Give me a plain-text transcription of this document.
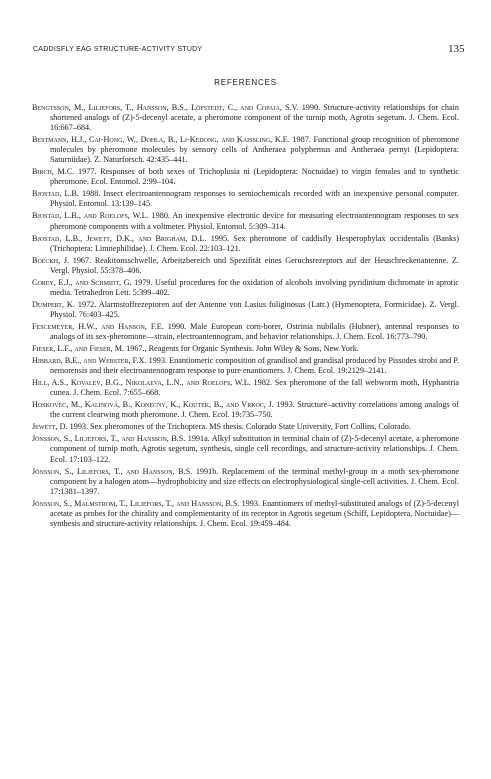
CADDISFLY EAG STRUCTURE-ACTIVITY STUDY	135
REFERENCES

Bengtsson, M., Liljefors, T., Hansson, B.S., Löfstedt, C., and Copaja, S.V. 1990. Structure-activity relationships for chain shortened analogs of (Z)-5-decenyl acetate, a pheromone component of the turnip moth, Agrotis segetum. J. Chem. Ecol. 16:667–684.

Bestmann, H.J., Cai-Hong, W., Dohla, B., Li-Kedong, and Kaissling, K.E. 1987. Functional group recognition of pheromone molecules by pheromone molecules by sensory cells of Antheraea polyphemus and Antheraea pernyi (Lepidoptera: Saturniidae). Z. Naturforsch. 42:435–441.

Birch, M.C. 1977. Responses of both sexes of Trichoplusia ni (Lepidoptera: Noctuidae) to virgin females and to synthetic pheromone. Ecol. Entomol. 2:99–104.

Bjostad, L.B. 1988. Insect electroantennogram responses to semiochemicals recorded with an inexpensive personal computer. Physiol. Entomol. 13:139–145.

Bjostad, L.B., and Roelofs, W.L. 1980. An inexpensive electronic device for measuring electroantennogram responses to sex pheromone components with a voltmeter. Physiol. Entomol. 5:309–314.

Bjostad, L.B., Jewett, D.K., and Brigham, D.L. 1995. Sex pheromone of caddisfly Hesperophylax occidentalis (Banks) (Trichoptera: Limnephilidae). J. Chem. Ecol. 22:103–121.

Boeckh, J. 1967. Reakitonsschwelle, Arbeitzbereich und Spezifität eines Geruchsrezeptors auf der Heuschreckenantenne. Z. Vergl. Physiol. 55:378–406.

Corey, E.J., and Schmidt, G. 1979. Useful procedures for the oxidation of alcohols involving pyridinium dichromate in aprotic media. Tetrahedron Lett. 5:399–402.

Dumpert, K. 1972. Alarmstoffrezeptoren auf der Antenne von Lasius fuliginosus (Latr.) (Hymenoptera, Formicidae). Z. Vergl. Physiol. 76:403–425.

Fescemeyer, H.W., and Hanson, F.E. 1990. Male European corn-borer, Ostrinia nubilalis (Hubner), antennal responses to analogs of its sex-pheromone—strain, electroantennogram, and behavior relationships. J. Chem. Ecol. 16:773–790.

Fieser, L.F., and Fieser, M. 1967., Reagents for Organic Synthesis. John Wiley & Sons, New York.

Hibbard, B.E., and Webster, F.X. 1993. Enantiomeric composition of grandisol and grandisal produced by Pissodes strobi and P. nemorensis and their electroantennogram response to pure enantiomers. J. Chem. Ecol. 19:2129–2141.

Hill, A.S., Kovalev, B.G., Nikolaeva, L.N., and Roelofs, W.L. 1982. Sex pheromone of the fall webworm moth, Hyphantria cunea. J. Chem. Ecol. 7:655–668.

Hoskovec, M., Kalinová, B., Konecny, K., Koutek, B., and Vrkoc, J. 1993. Structure–activity correlations among analogs of the current clearwing moth pheromone. J. Chem. Ecol. 19:735–750.

Jewett, D. 1993. Sex pheromones of the Trichoptera. MS thesis. Colorado State University, Fort Collins, Colorado.

Jönsson, S., Liljefors, T., and Hansson, B.S. 1991a. Alkyl substitution in terminal chain of (Z)-5-decenyl acetate, a pheromone component of turnip moth, Agrotis segetum, synthesis, single cell recordings, and structure-activity relationships. J. Chem. Ecol. 17:103–122.

Jönsson, S., Liljefors, T., and Hansson, B.S. 1991b. Replacement of the terminal methyl-group in a moth sex-pheromone component by a halogen atom—hydrophobicity and size effects on electrophysiological single-cell activities. J. Chem. Ecol. 17:1381–1397.

Jönsson, S., Malmstrom, T., Liljefors, T., and Hansson, B.S. 1993. Enantiomers of methyl-substituted analogs of (Z)-5-decenyl acetate as probes for the chirality and complementarity of its receptor in Agrotis segetum (Schiff, Lepidoptera, Noctuidae)—synthesis and structure-activity relationships. J. Chem. Ecol. 19:459–484.
